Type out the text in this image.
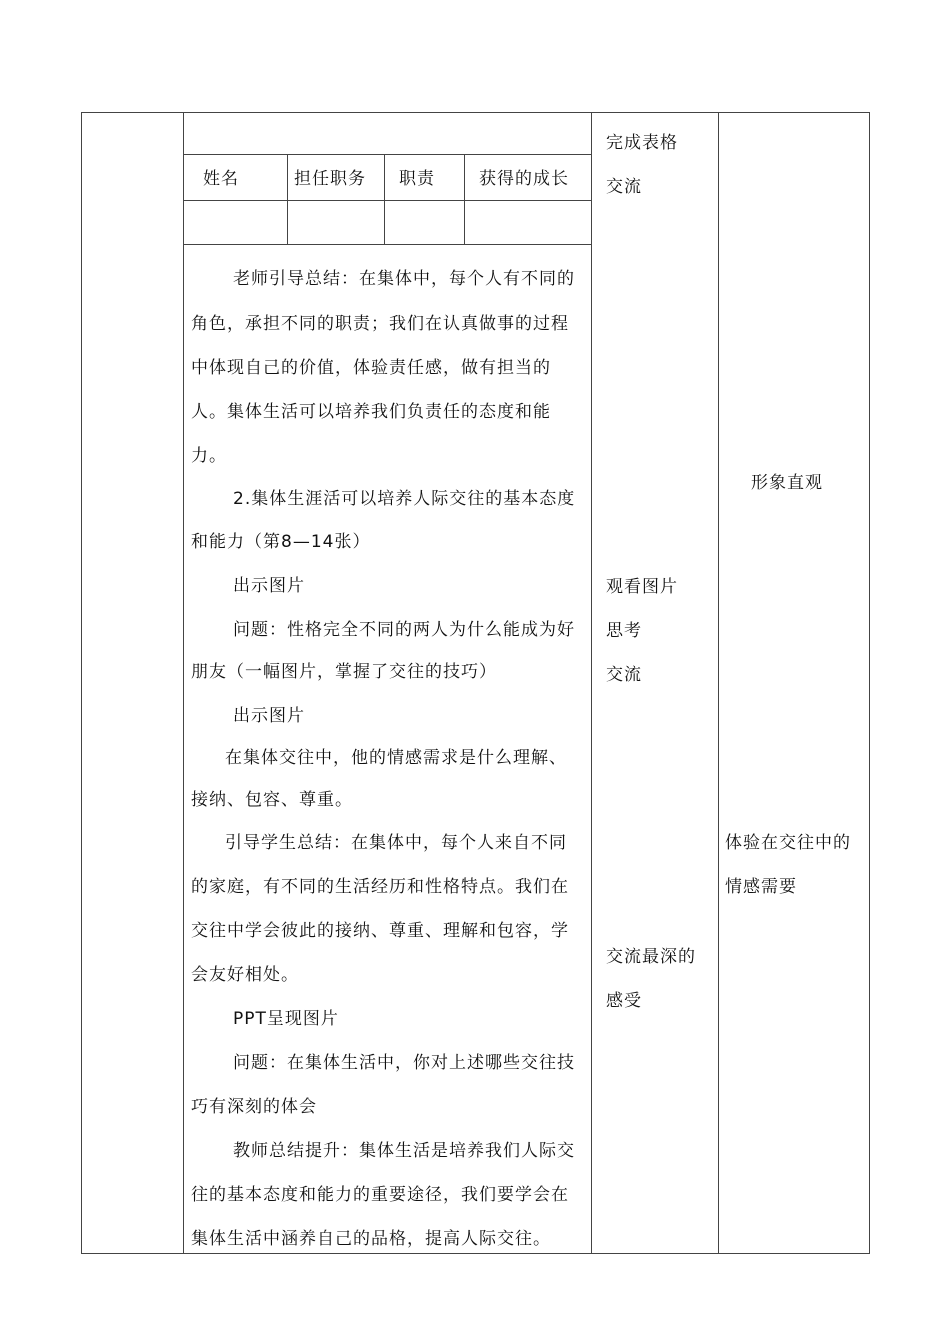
姓名	担任职务 职责	获得的成长
老师引导总结：在集体中，每个人有不同的
角色，承担不同的职责；我们在认真做事的过程
中体现自己的价值，体验责任感，做有担当的
人。集体生活可以培养我们负责任的态度和能
力。
2.集体生涯活可以培养人际交往的基本态度
和能力（第8—14张）
出示图片
问题：性格完全不同的两人为什么能成为好
朋友（一幅图片，掌握了交往的技巧）
出示图片
在集体交往中，他的情感需求是什么理解、
接纳、包容、尊重。
引导学生总结：在集体中，每个人来自不同
的家庭，有不同的生活经历和性格特点。我们在
交往中学会彼此的接纳、尊重、理解和包容，学
会友好相处。
PPT呈现图片
问题：在集体生活中，你对上述哪些交往技
巧有深刻的体会
教师总结提升：集体生活是培养我们人际交
往的基本态度和能力的重要途径，我们要学会在
集体生活中涵养自己的品格，提高人际交往。
完成表格
交流
观看图片
思考
交流
交流最深的
感受
形象直观
体验在交往中的
情感需要
